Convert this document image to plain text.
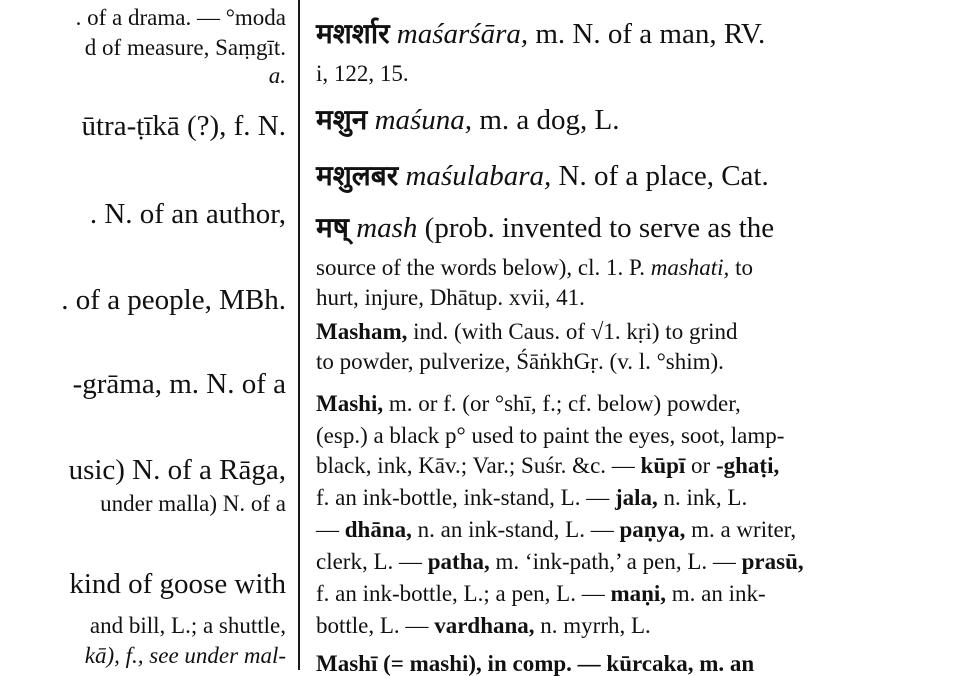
. of a drama. — °moda
d of measure, Saṃgīt.
a.
ūtra-ṭīkā (?), f. N.
. N. of an author,
. of a people, MBh.
-grāma, m. N. of a
usic) N. of a Rāga,
under malla) N. of a
kind of goose with
and bill, L.; a shuttle,
kā), f., see under mal-
मशर्शार maśarśāra, m. N. of a man, RV.
i, 122, 15.
मशुन maśuna, m. a dog, L.
मशुलबर maśulabara, N. of a place, Cat.
मष् mash (prob. invented to serve as the
source of the words below), cl. 1. P. mashati, to
hurt, injure, Dhātup. xvii, 41.
Masham, ind. (with Caus. of √1. kṛi) to grind
to powder, pulverize, ŚāṅkhGṛ. (v. l. °shim).
Mashi, m. or f. (or °shī, f.; cf. below) powder,
(esp.) a black p° used to paint the eyes, soot, lamp-
black, ink, Kāv.; Var.; Suśr. &c. — kūpī or -ghaṭi,
f. an ink-bottle, ink-stand, L. — jala, n. ink, L.
— dhāna, n. an ink-stand, L. — paṇya, m. a writer,
clerk, L. — patha, m. ‘ink-path,’ a pen, L. — prasū,
f. an ink-bottle, L.; a pen, L. — maṇi, m. an ink-
bottle, L. — vardhana, n. myrrh, L.
Mashī (= mashi), in comp. — kūrcaka, m. an
